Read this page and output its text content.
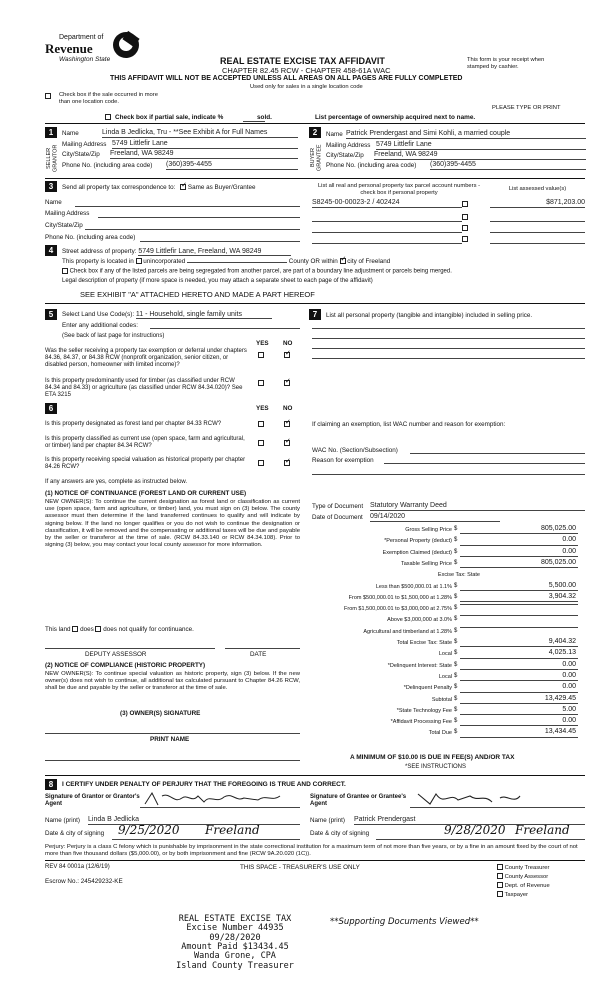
Department of
Revenue
Washington State	REAL ESTATE EXCISE TAX AFFIDAVIT
CHAPTER 82.45 RCW - CHAPTER 458-61A WAC
This form is your receipt when stamped by cashier.
THIS AFFIDAVIT WILL NOT BE ACCEPTED UNLESS ALL AREAS ON ALL PAGES ARE FULLY COMPLETED
Used only for sales in a single location code
Check box if the sale occurred in more than one location code.
PLEASE TYPE OR PRINT
Check box if partial sale, indicate %	sold.	List percentage of ownership acquired next to name.
1
SELLER GRANTOR
Name	Linda B Jedlicka, Tru - **See Exhibit A for Full Names
Mailing Address 5749 Littlefir Lane
City/State/Zip Freeland, WA 98249
Phone No. (including area code) (360)395-4455
2
BUYER GRANTEE
Name Patrick Prendergast and Simi Kohli, a married couple
Mailing Address 5749 Littlefir Lane
City/State/Zip Freeland, WA 98249
Phone No. (including area code) (360)395-4455
3	Send all property tax correspondence to: ✓ Same as Buyer/Grantee
Name
Mailing Address
City/State/Zip
Phone No. (including area code)
List all real and personal property tax parcel account numbers - check box if personal property
List assessed value(s)
S8245-00-00023-2 / 402424	$871,203.00
4	Street address of property: 5749 Littlefir Lane, Freeland, WA 98249
This property is located in unincorporated	County OR within ✓ city of Freeland
Check box if any of the listed parcels are being segregated from another parcel, are part of a boundary line adjustment or parcels being merged.
Legal description of property (if more space is needed, you may attach a separate sheet to each page of the affidavit)
SEE EXHIBIT "A" ATTACHED HERETO AND MADE A PART HEREOF
5	Select Land Use Code(s): 11 - Household, single family units
Enter any additional codes:
(See back of last page for instructions)
YES NO
Was the seller receiving a property tax exemption or deferral under chapters 84.36, 84.37, or 84.38 RCW (nonprofit organization, senior citizen, or disabled person, homeowner with limited income)?
✓
Is this property predominantly used for timber (as classified under RCW 84.34 and 84.33) or agriculture (as classified under RCW 84.34.020)? See ETA 3215
✓
7	List all personal property (tangible and intangible) included in selling price.
6	YES NO
Is this property designated as forest land per chapter 84.33 RCW?
✓
Is this property classified as current use (open space, farm and agricultural, or timber) land per chapter 84.34 RCW?
✓
Is this property receiving special valuation as historical property per chapter 84.26 RCW?
✓
If any answers are yes, complete as instructed below.
(1) NOTICE OF CONTINUANCE (FOREST LAND OR CURRENT USE)
NEW OWNER(S): To continue the current designation as forest land or classification as current use (open space, farm and agriculture, or timber) land, you must sign on (3) below. The county assessor must then determine if the land transferred continues to qualify and will indicate by signing below. If the land no longer qualifies or you do not wish to continue the designation or classification, it will be removed and the compensating or additional taxes will be due and payable by the seller or transferor at the time of sale. (RCW 84.33.140 or RCW 84.34.108). Prior to signing (3) below, you may contact your local county assessor for more information.
This land does does not qualify for continuance.
DEPUTY ASSESSOR	DATE
(2) NOTICE OF COMPLIANCE (HISTORIC PROPERTY)
NEW OWNER(S): To continue special valuation as historic property, sign (3) below. If the new owner(s) does not wish to continue, all additional tax calculated pursuant to Chapter 84.26 RCW, shall be due and payable by the seller or transferor at the time of sale.
(3) OWNER(S) SIGNATURE
PRINT NAME
If claiming an exemption, list WAC number and reason for exemption:
WAC No. (Section/Subsection)
Reason for exemption
Type of Document Statutory Warranty Deed
Date of Document 09/14/2020
Gross Selling Price $	805,025.00
*Personal Property (deduct) $	0.00
Exemption Claimed (deduct) $	0.00
Taxable Selling Price $	805,025.00
Excise Tax: State
Less than $500,000.01 at 1.1% $	5,500.00
From $500,000.01 to $1,500,000 at 1.28% $	3,904.32
From $1,500,000.01 to $3,000,000 at 2.75% $
Above $3,000,000 at 3.0% $
Agricultural and timberland at 1.28% $
Total Excise Tax: State $	9,404.32
Local $	4,025.13
*Delinquent Interest: State $	0.00
Local $	0.00
*Delinquent Penalty $	0.00
Subtotal $	13,429.45
*State Technology Fee $	5.00
*Affidavit Processing Fee $	0.00
Total Due $	13,434.45
A MINIMUM OF $10.00 IS DUE IN FEE(S) AND/OR TAX
*SEE INSTRUCTIONS
8	I CERTIFY UNDER PENALTY OF PERJURY THAT THE FOREGOING IS TRUE AND CORRECT.
Signature of Grantor or Grantor's Agent
Name (print) Linda B Jedlicka
Date & city of signing 9/25/2020 Freeland
Signature of Grantee or Grantee's Agent
Name (print) Patrick Prendergast
Date & city of signing	9/28/2020 Freeland
Perjury: Perjury is a class C felony which is punishable by imprisonment in the state correctional institution for a maximum term of not more than five years, or by a fine in an amount fixed by the court of not more than five thousand dollars ($5,000.00), or by both imprisonment and fine (RCW 9A.20.020 (1C)).
REV 84 0001a (12/6/19)	THIS SPACE - TREASURER'S USE ONLY
Escrow No.: 245429232-KE
County Treasurer
County Assessor
Dept. of Revenue
Taxpayer
REAL ESTATE EXCISE TAX
Excise Number 44935
09/28/2020
Amount Paid $13434.45
Wanda Grone, CPA
Island County Treasurer
**Supporting Documents Viewed**
